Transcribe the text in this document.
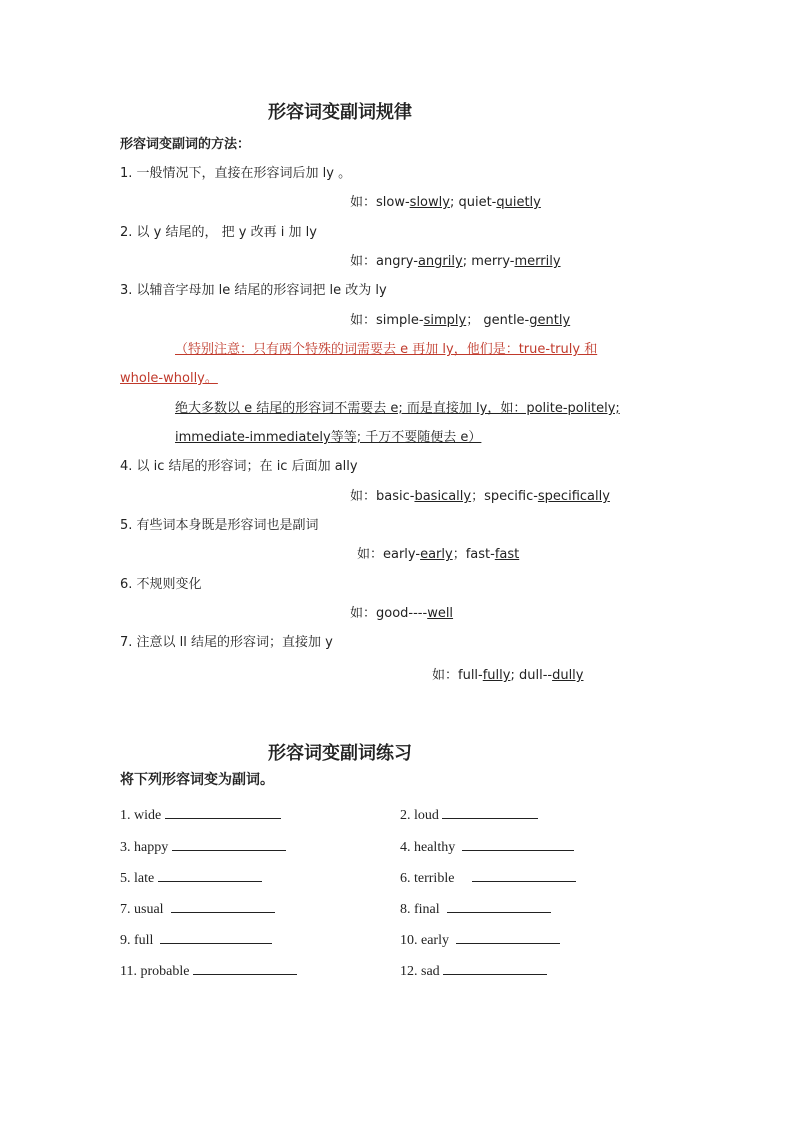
形容词变副词规律
形容词变副词的方法：
1. 一般情况下，直接在形容词后加 ly 。
如：slow-slowly; quiet-quietly
2. 以 y 结尾的， 把 y 改再 i 加 ly
如：angry-angrily; merry-merrily
3. 以辅音字母加 le 结尾的形容词把 le 改为 ly
如：simple-simply； gentle-gently
（特别注意：只有两个特殊的词需要去 e 再加 ly，他们是：true-truly 和
whole-wholly。
绝大多数以 e 结尾的形容词不需要去 e; 而是直接加 ly，如：polite-politely;
immediate-immediately等等; 千万不要随便去 e）
4. 以 ic 结尾的形容词；在 ic 后面加 ally
如：basic-basically；specific-specifically
5. 有些词本身既是形容词也是副词
如：early-early；fast-fast
6. 不规则变化
如：good----well
7. 注意以 ll 结尾的形容词；直接加 y
如：full-fully; dull--dully
形容词变副词练习
将下列形容词变为副词。
1. wide	2. loud
3. happy	4. healthy
5. late	6. terrible
7. usual	8. final
9. full	10. early
11. probable	12. sad
